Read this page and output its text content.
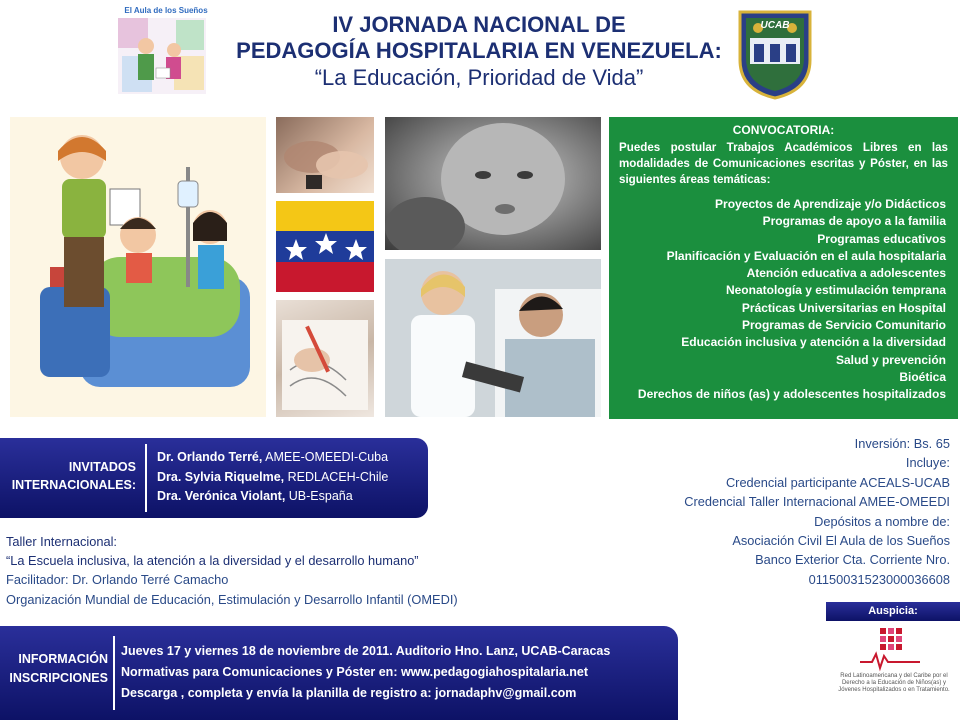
El Aula de los Sueños
IV JORNADA NACIONAL DE
PEDAGOGÍA HOSPITALARIA EN VENEZUELA:
“La Educación, Prioridad de Vida”
UCAB
CONVOCATORIA:
Puedes postular Trabajos Académicos Libres en las modalidades de Comunicaciones escritas y Póster, en las siguientes áreas temáticas:
Proyectos de Aprendizaje y/o Didácticos
Programas de apoyo a la familia
Programas educativos
Planificación y Evaluación en el aula hospitalaria
Atención educativa a adolescentes
Neonatología y estimulación temprana
Prácticas Universitarias en Hospital
Programas de Servicio Comunitario
Educación inclusiva y atención a la diversidad
Salud y prevención
Bioética
Derechos de niños (as) y adolescentes hospitalizados
INVITADOS
INTERNACIONALES:
Dr. Orlando Terré, AMEE-OMEEDI-Cuba
Dra. Sylvia Riquelme, REDLACEH-Chile
Dra. Verónica Violant, UB-España
Inversión: Bs. 65
Incluye:
Credencial participante ACEALS-UCAB
Credencial Taller Internacional AMEE-OMEEDI
Depósitos a nombre de:
Asociación Civil El Aula de los Sueños
Banco Exterior Cta. Corriente Nro.
01150031523000036608
Taller Internacional:
“La Escuela inclusiva, la atención a la diversidad y el desarrollo humano”
Facilitador: Dr. Orlando Terré Camacho
Organización Mundial de Educación, Estimulación y Desarrollo Infantil (OMEDI)
Auspicia:
Red Latinoamericana y del Caribe por el Derecho a la Educación de Niños(as) y Jóvenes Hospitalizados o en Tratamiento.
INFORMACIÓN
INSCRIPCIONES
Jueves 17 y viernes 18 de noviembre de 2011. Auditorio Hno. Lanz, UCAB-Caracas
Normativas para Comunicaciones y Póster en: www.pedagogiahospitalaria.net
Descarga , completa y envía la planilla de registro a: jornadaphv@gmail.com
